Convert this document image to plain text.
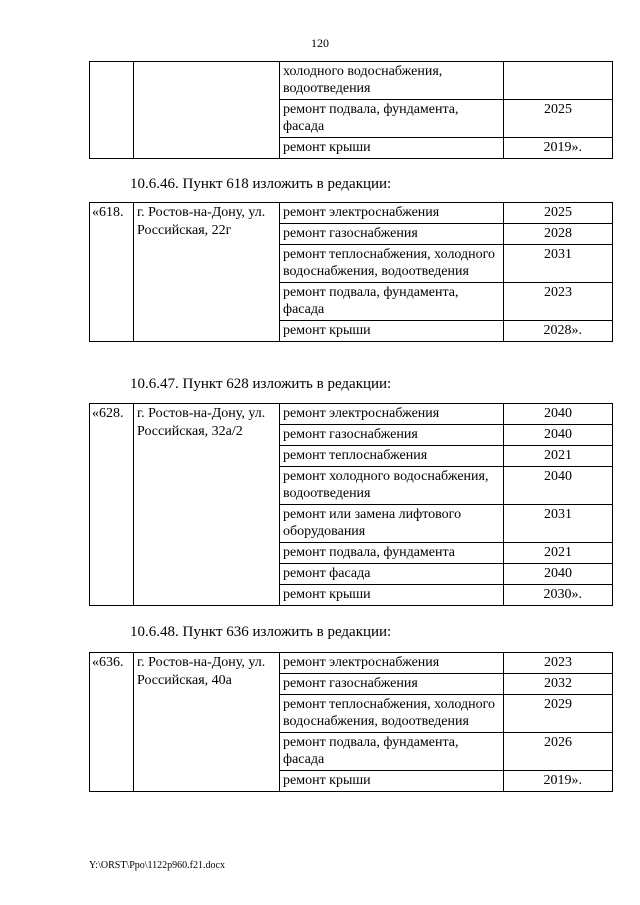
120
		холодного водоснабжения, водоотведения	
		ремонт подвала, фундамента, фасада	2025
		ремонт крыши	2019».
10.6.46. Пункт 618 изложить в редакции:
«618.	г. Ростов-на-Дону, ул. Российская, 22г	ремонт электроснабжения	2025
		ремонт газоснабжения	2028
		ремонт теплоснабжения, холодного водоснабжения, водоотведения	2031
		ремонт подвала, фундамента, фасада	2023
		ремонт крыши	2028».
10.6.47. Пункт 628 изложить в редакции:
«628.	г. Ростов-на-Дону, ул. Российская, 32а/2	ремонт электроснабжения	2040
		ремонт газоснабжения	2040
		ремонт теплоснабжения	2021
		ремонт холодного водоснабжения, водоотведения	2040
		ремонт или замена лифтового оборудования	2031
		ремонт подвала, фундамента	2021
		ремонт фасада	2040
		ремонт крыши	2030».
10.6.48. Пункт 636 изложить в редакции:
«636.	г. Ростов-на-Дону, ул. Российская, 40а	ремонт электроснабжения	2023
		ремонт газоснабжения	2032
		ремонт теплоснабжения, холодного водоснабжения, водоотведения	2029
		ремонт подвала, фундамента, фасада	2026
		ремонт крыши	2019».
Y:\ORST\Ppo\1122p960.f21.docx
